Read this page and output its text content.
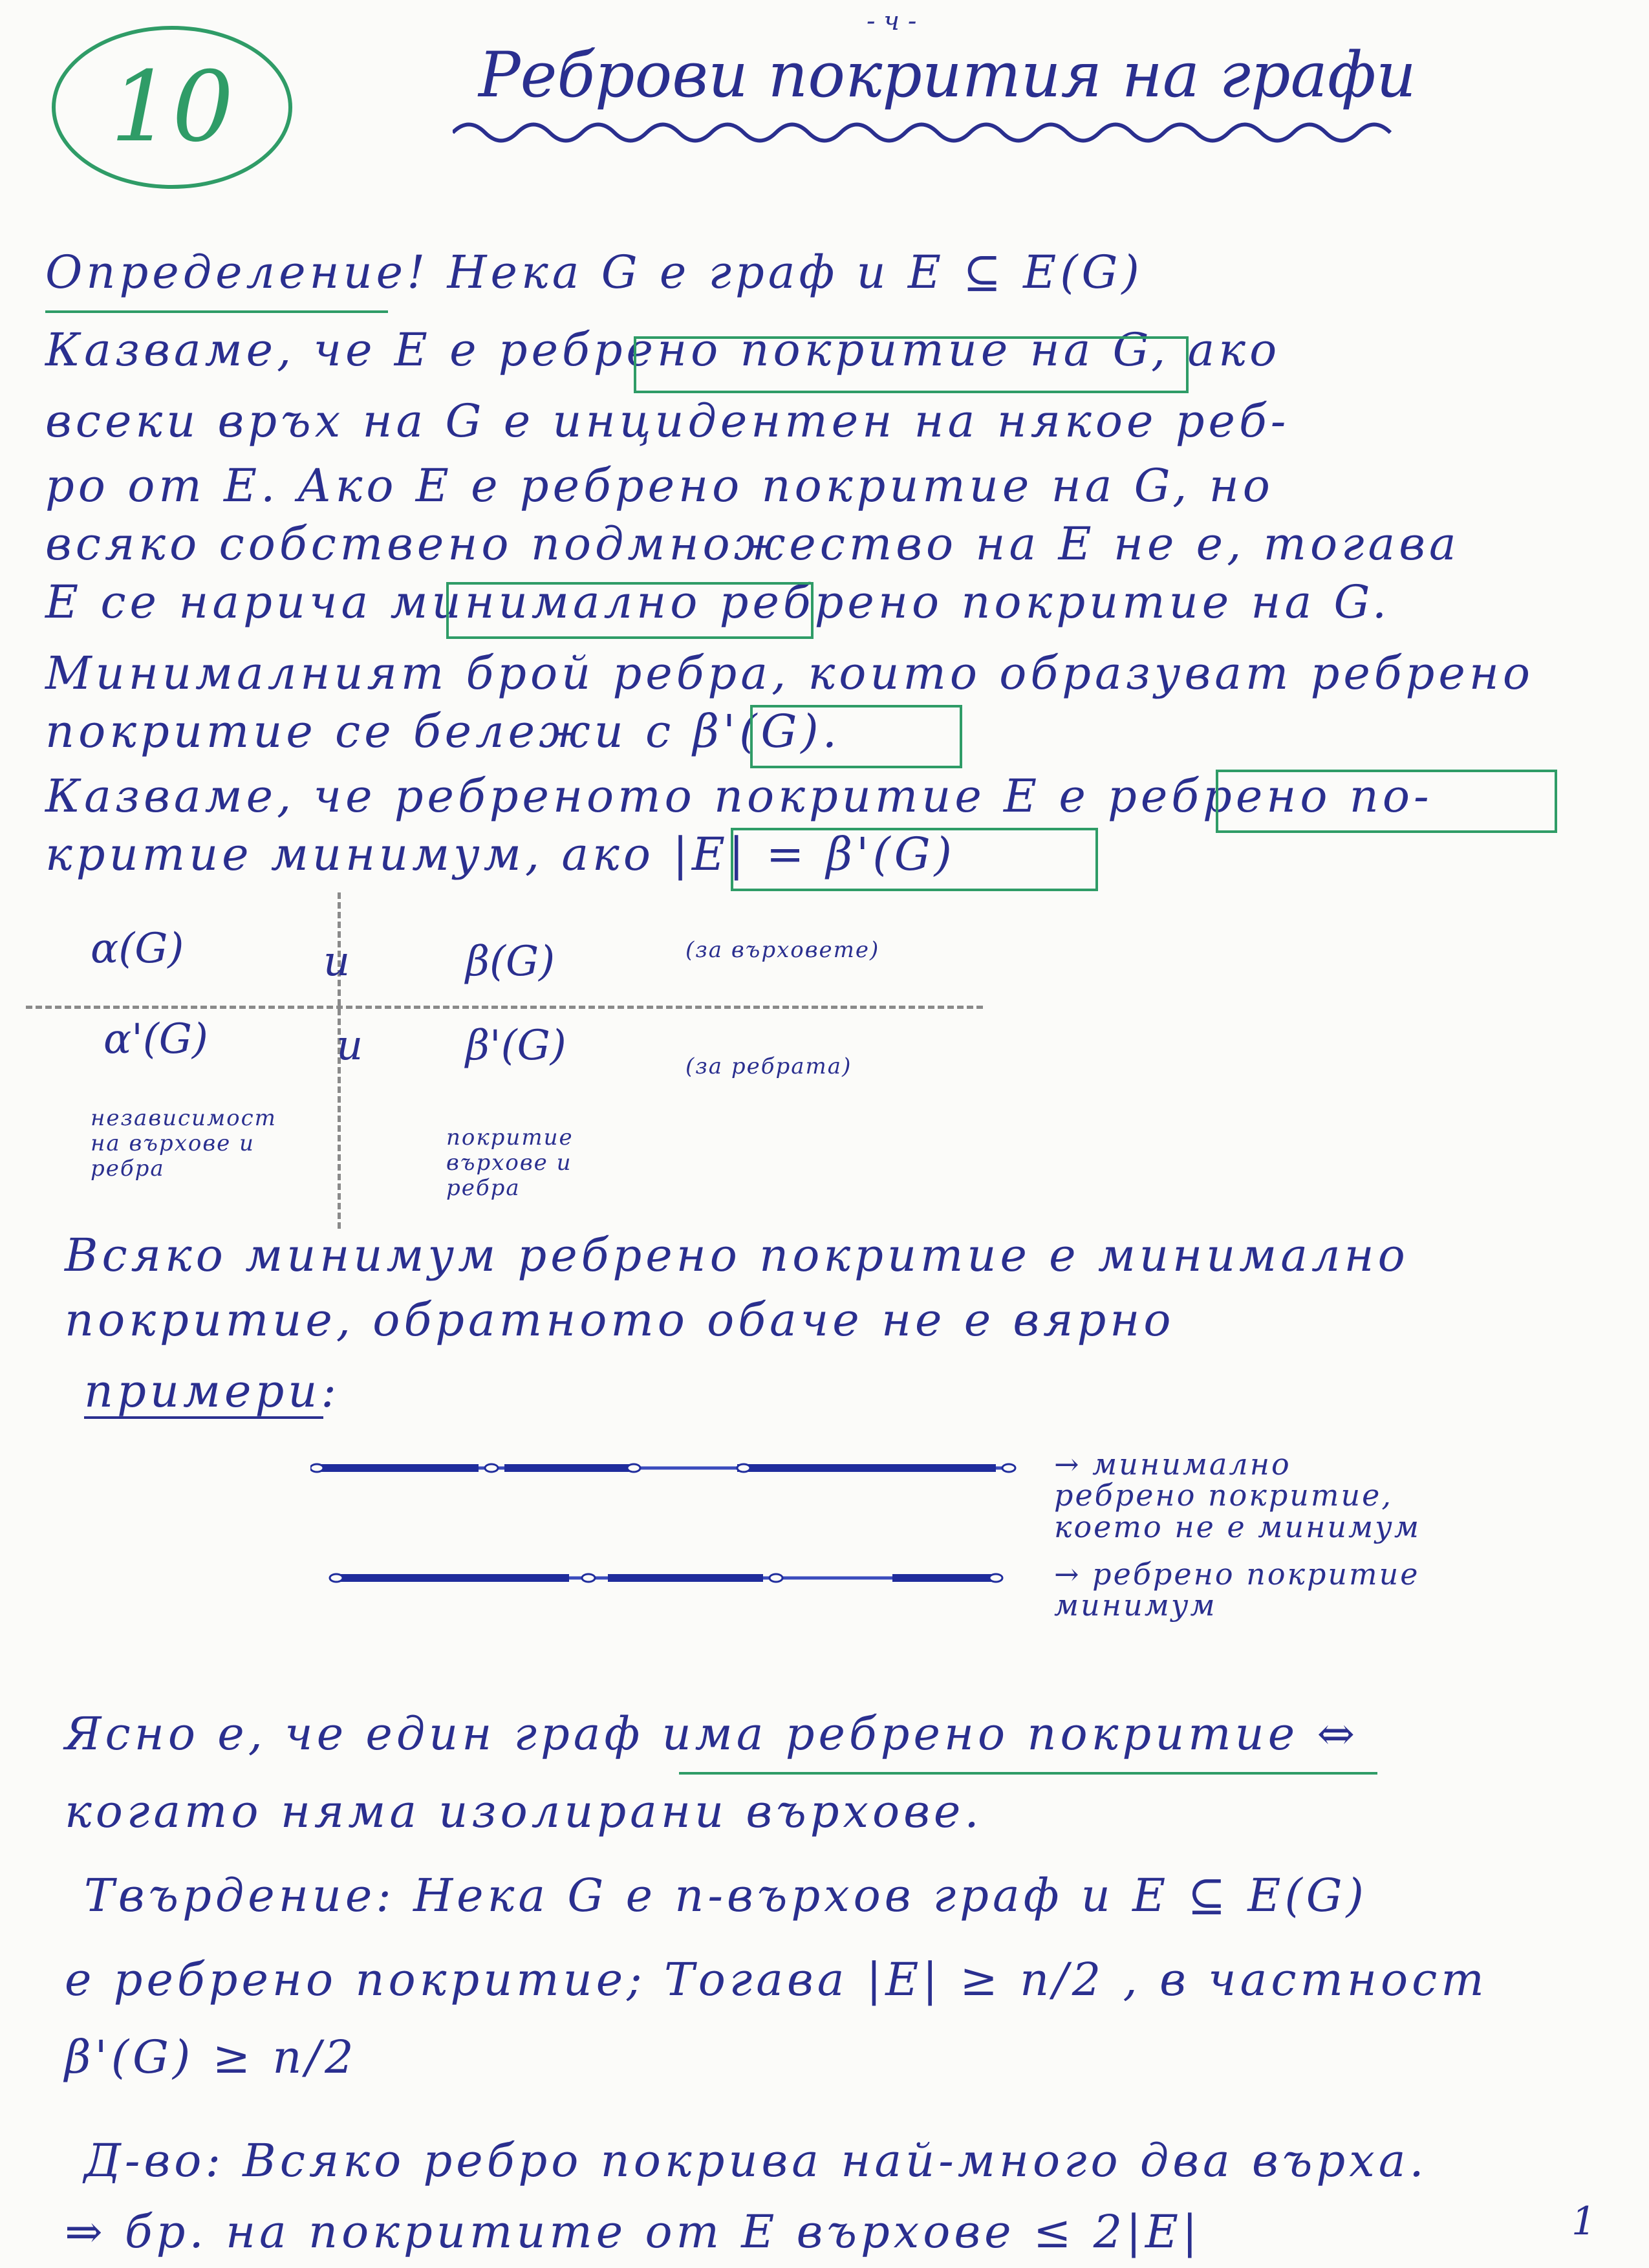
- ч -
10	Реброви покрития на графи
Определение! Нека G е граф и E ⊆ E(G)
Казваме, че E е ребрено покритие на G, ако
всеки връх на G е инцидентен на някое реб-
ро от E. Ако E е ребрено покритие на G, но
всяко собствено подмножество на E не е, тогава
E се нарича минимално ребрено покритие на G.
Минималният брой ребра, които образуват ребрено
покритие се бележи с β'(G).
Казваме, че ребреното покритие E е ребрено по-
критие минимум, ако |E| = β'(G)
α(G)	и	β(G)	(за върховете)
α'(G)	и β'(G)	(за ребрата)
независимост
на върхове и
ребра
покритие
върхове и
ребра
Всяко минимум ребрено покритие е минимално
покритие, обратното обаче не е вярно
примери:
→ минимално
ребрено покритие,
което не е минимум
→ ребрено покритие
минимум
Ясно е, че един граф има ребрено покритие ⇔
когато няма изолирани върхове.
Твърдение: Нека G е n-върхов граф и E ⊆ E(G)
е ребрено покритие; Тогава |E| ≥ n/2 , в частност
β'(G) ≥ n/2
Д-во: Всяко ребро покрива най-много два върха.
⇒ бр. на покритите от E върхове ≤ 2|E|	1
